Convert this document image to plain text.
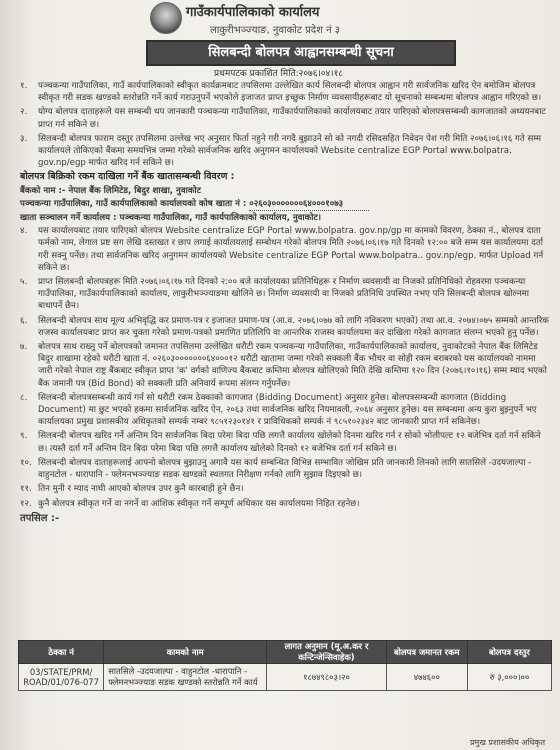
गाउँकार्यपालिकाको कार्यालय
लाकुरीभञ्ज्याङ, नुवाकोट प्रदेश नं ३
सिलबन्दी बोलपत्र आह्वानसम्बन्धी सूचना
प्रथमपटक प्रकाशित मिति:२०७६।०४।१८
१.	पञ्चकन्या गाउँपालिका, गाउँ कार्यपालिकाको स्वीकृत कार्यक्रमबाट तपसिलमा उल्लेखित कार्य सिलबन्दी बोलपत्र आह्वान गरी सार्वजनिक खरिद ऐन बमोजिम बोलपत्र स्वीकृत गरी सडक खण्डको स्तरोन्नति गर्ने कार्य गराउनुपर्ने भएकोले इजाजत प्राप्त इच्छुक निर्माण व्यवसायीहरूबाट यो सूचनाको सम्बन्धमा बोलपत्र आह्वान गरिएको छ।
२.	योग्य बोलपत्र दाताहरूले यस सम्बन्धी थप जानकारी पञ्चकन्या गाउँपालिका, गाउँकार्यपालिकाको कार्यालयबाट तयार पारिएको बोलपत्रसम्बन्धी कागजातको अध्ययनबाट प्राप्त गर्न सकिने छ।
३.	सिलबन्दी बोलपत्र फाराम दस्तुर तपसिलमा उल्लेख भए अनुसार फिर्ता नहुने गरी नगदै बुझाउने सो को नगदी रसिदसहित निवेदन पेश गरी मिति २०७६।०६।१६ गते सम्म कार्यालयले तोकिएको बैंकमा समयभित्र जम्मा गरेको सार्वजनिक खरिद अनुगमन कार्यालयको Website centralize EGP Portal www.bolpatra. gov.np/egp मार्फत खरिद गर्न सकिने छ।
बोलपत्र बिक्रिको रकम दाखिला गर्ने बैंक खातासम्बन्धी विवरण :
बैंकको नाम :- नेपाल बैंक लिमिटेड, बिदुर शाखा, नुवाकोट
पञ्चकन्या गाउँपालिका, गाउँ कार्यपालिकाको कार्यालयको कोष खाता नं : ०२६०३०००००००६४०००१०७३
खाता सञ्चालन गर्ने कार्यालय : पञ्चकन्या गाउँपालिका, गाउँ कार्यपालिकाको कार्यालय, नुवाकोट।
४.	यस कार्यालयबाट तयार पारिएको बोलपत्र Website centralize EGP Portal www.bolpatra. gov.np/gp मा कामको विवरण, ठेक्का नं., बोलपत्र दाता फर्मको नाम, लेगाल प्रष्ट सग लेखि दस्तखत र छाप लगाई कार्यालयलाई सम्बोधन गरेको बोलपत्र मिति २०७६।०६।१७ गते दिनको १२:०० बजे सम्म यस कार्यालयमा दर्ता गरी सक्नु पर्नेछ। तथा सार्वजनिक खरिद अनुगमन कार्यालयको Website centralize EGP Portal www.bolpatra.. gov.np/egp. मार्फत Upload गर्न सकिने छ।
५.	प्राप्त सिलबन्दी बोलपत्रहरू मिति २०७६।०६।१७ गते दिनको २:०० बजे कार्यालयका प्रतिनिधिहरू र निर्माण व्यवसायी वा निजको प्रतिनिधिको रोहवरमा पञ्चकन्या गाउँपालिका, गाउँकार्यपालिकाको कार्यालय, लाकुरीभञ्ज्याङमा खोलिने छ। निर्माण व्यवसायी वा निजको प्रतिनिधि उपस्थित नभए पनि सिलबन्दी बोलपत्र खोल्नमा बाधापर्ने छैन।
६.	सिलबन्दी बोलपत्र साथ मूल्य अभिवृद्धि कर प्रमाण-पत्र र इजाजत प्रमाण-पत्र (आ.व. २०७६।०७७ को लागि नविकरण भएको) तथा आ.व. २०७४।०७५ सम्मको आन्तरिक राजस्व कार्यालयबाट प्राप्त कर चुक्ता गरेको प्रमाण-पत्रको प्रमाणित प्रतिलिपि वा आन्तरिक राजस्व कार्यालयमा कर दाखिला गरेको कागजात संलग्न भएको हुनु पर्नेछ।
७.	बोलपत्र साथ राख्नु पर्ने बोलपत्रको जमानत तपसिलमा उल्लेखित धरौटी रकम पञ्चकन्या गाउँपालिका, गाउँकार्यपालिकाको कार्यालय, नुवाकोटको नेपाल बैंक लिमिटेड बिदुर शाखामा रहेको धरौटी खाता नं. ०२६०३०००००००६४०००१२ धरौटी खातामा जम्मा गरेको सक्कली बैंक भौचर वा सोही रकम बराबरको यस कार्यालयको नाममा जारी गरेको नेपाल राष्ट्र बैंकबाट स्वीकृत प्राप्त 'क' वर्गको वाणिज्य बैंकबाट कम्तिमा बोलपत्र खोलिएको मिति देखि कम्तिमा १२० दिन (२०७६।१०।१६) सम्म म्याद भएको बैंक जमानी पत्र (Bid Bond) को सक्कली प्रति अनिवार्य रूपमा संलग्न गर्नुपर्नेछ।
८.	सिलबन्दी बोलपत्रसम्बन्धी कार्य गर्न सो धरौटी रकम ठेक्काको कागजात (Bidding Document) अनुसार हुनेछ। बोलपत्रसम्बन्धी कागजात (Bidding Document) मा छुट भएको हकमा सार्वजनिक खरिद ऐन, २०६३ तथा सार्वजनिक खरिद नियमावली, २०६४ अनुसार हुनेछ। यस सम्बन्धमा अन्य कुरा बुझ्नुपर्ने भए कार्यालयका प्रमुख प्रशासकीय अधिकृतको सम्पर्क नम्बर ९८५१२३०१४१ र प्राविधिकको सम्पर्क नं ९८५१०२३४२ बाट जानकारी प्राप्त गर्न सकिनेछ।
९.	सिलबन्दी बोलपत्र खरिद गर्ने अन्तिम दिन सार्वजनिक बिदा परेमा बिदा पछि लगत्तै कार्यालय खोलेको दिनमा खरिद गर्न र सोको भोलीपल्ट १२ बजेभित्र दर्ता गर्न सकिने छ। त्यस्तै दर्ता गर्ने अन्तिम दिन बिदा परेमा बिदा पछि लगत्तै कार्यालय खोलेको दिनको १२ बजेभित्र दर्ता गर्न सकिने छ।
१०. सिलबन्दी बोलपत्र दाताहरूलाई आफ्नो बोलपत्र बुझाउनु अगावै यस कार्य सम्बन्धित विभिन्न सम्भावित जोखिम प्रति जानकारी लिनको लागि सातसिले -उदयजाल्पा - वाहुनटोल - धारापानि - फ्लेमनभञ्ज्याङ सडक खण्डको स्थलगत निरीक्षण गर्नको लागि सुझाव दिइएको छ।
११. तिन मुनी र म्याद नाघी आएको बोलपत्र उपर कुनै कारबाही हुने छैन।
१२. कुनै बोलपत्र स्वीकृत गर्ने वा नगर्ने वा आंशिक स्वीकृत गर्ने सम्पूर्ण अधिकार यस कार्यालयमा निहित रहनेछ।
तपसिल :-
ठेक्का नं	कामको नाम	लागत अनुमान (मू.अ.कर र कन्टिन्जेन्सिवाहेक)	बोलपत्र जमानत रकम	बोलपत्र दस्तुर
03/STATE/PRM/ ROAD/01/076-077	सातसिले -उदयजाल्पा - वाहुनटोल -धारापानि - फ्लेमनभञ्ज्याङ सडक खण्डको स्तरोन्नति गर्ने कार्य	१८७४९८०३।२०	४७४६००	रु ३,०००।००
प्रमुख प्रशासकीय अधिकृत
